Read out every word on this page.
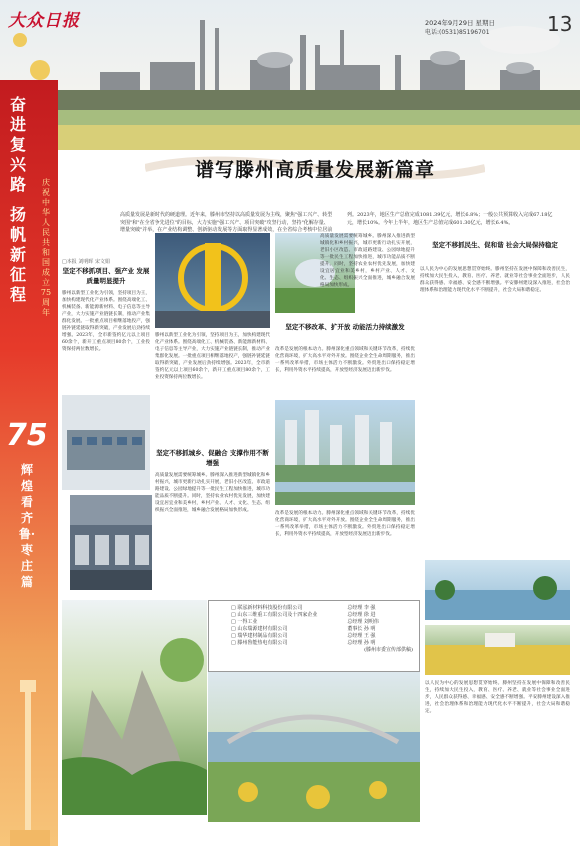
大众日报	2024年9月29日 星期日
电话:(0531)85196701	13
奋进复兴路
扬帆新征程
庆祝中华人民共和国成立75周年
75
辉煌看齐鲁·枣庄篇
谱写滕州高质量发展新篇章
高质量发展是新时代的硬道理。近年来，滕州市坚持以高质量发展为主线，聚焦"强工兴产、转型突围"和"在全省争先进位"的目标，大力实施"强工兴产、项目突破"攻坚行动，坚持"化解存量、增量突破"并举，在产业结构调整、创新驱动发展等方面取得显著成效，在全省综合考核中位居前列。2023年，地区生产总值完成1081.39亿元，增长6.8%；一般公共预算收入完成67.18亿元，增长10%。今年上半年，地区生产总值完成601.30亿元，增长6.4%。
□本报 刘明晖 宋文娟
坚定不移抓项目、强产业 发展质量明显提升
滕州以新型工业化为引领，坚持项目为王，加快构建现代化产业体系。围绕高端化工、机械装备、新能源新材料、电子信息等主导产业，大力实施产业链链长制，推动产业集群化发展。一批重点项目相继落地投产，强链补链延链取得新突破，产业发展后劲持续增强。2023年，全市新签约亿元以上项目60余个，新开工重点项目80余个，工业投资保持两位数增长。
滕州以新型工业化为引领，坚持项目为王，加快构建现代化产业体系。围绕高端化工、机械装备、新能源新材料、电子信息等主导产业，大力实施产业链链长制，推动产业集群化发展。一批重点项目相继落地投产，强链补链延链取得新突破，产业发展后劲持续增强。2023年，全市新签约亿元以上项目60余个，新开工重点项目80余个，工业投资保持两位数增长。
坚定不移抓城乡、促融合 支撑作用不断增强
高质量发展需要统筹城乡。滕州深入推进新型城镇化和乡村振兴，城市更新行动扎实开展，老旧小区改造、市政道路建设、公园绿地提升等一批民生工程加快推进，城市功能品质不断提升。同时，坚持农业农村优先发展，加快建设宜居宜业和美乡村，乡村产业、人才、文化、生态、组织振兴全面推进，城乡融合发展格局加快形成。
高质量发展需要统筹城乡。滕州深入推进新型城镇化和乡村振兴，城市更新行动扎实开展，老旧小区改造、市政道路建设、公园绿地提升等一批民生工程加快推进，城市功能品质不断提升。同时，坚持农业农村优先发展，加快建设宜居宜业和美乡村，乡村产业、人才、文化、生态、组织振兴全面推进，城乡融合发展格局加快形成。
坚定不移改革、扩开放 动能活力持续激发
改革是发展的根本动力。滕州深化重点领域和关键环节改革，持续优化营商环境，扩大高水平对外开放。围绕企业全生命周期服务，推出一系列改革举措，市场主体活力不断激发。外贸进出口保持稳定增长，利用外资水平持续提高，开放型经济发展迈出新步伐。
改革是发展的根本动力。滕州深化重点领域和关键环节改革，持续优化营商环境，扩大高水平对外开放。围绕企业全生命周期服务，推出一系列改革举措，市场主体活力不断激发。外贸进出口保持稳定增长，利用外资水平持续提高，开放型经济发展迈出新步伐。
坚定不移抓民生、促和谐 社会大局保持稳定
以人民为中心的发展思想贯穿始终。滕州坚持在发展中保障和改善民生，持续加大民生投入，教育、医疗、养老、就业等社会事业全面进步，人民群众获得感、幸福感、安全感不断增强。平安滕州建设深入推进，社会治理体系和治理能力现代化水平不断提升，社会大局和谐稳定。
□ 联泓新材料科技股份有限公司
□ 山东三维重工有限公司及十四家企业
□ 一得工业
□ 山东瑞源建材有限公司
□ 瑞华建材制品有限公司
□ 滕州鲁能热电有限公司
总经理 李 强
总经理 徐 进
总经理 刘明伟
董事长 孙 明
总经理 王 强
总经理 孙 明
(滕州市委宣传部供稿)
以人民为中心的发展思想贯穿始终。滕州坚持在发展中保障和改善民生，持续加大民生投入，教育、医疗、养老、就业等社会事业全面进步，人民群众获得感、幸福感、安全感不断增强。平安滕州建设深入推进，社会治理体系和治理能力现代化水平不断提升，社会大局和谐稳定。
